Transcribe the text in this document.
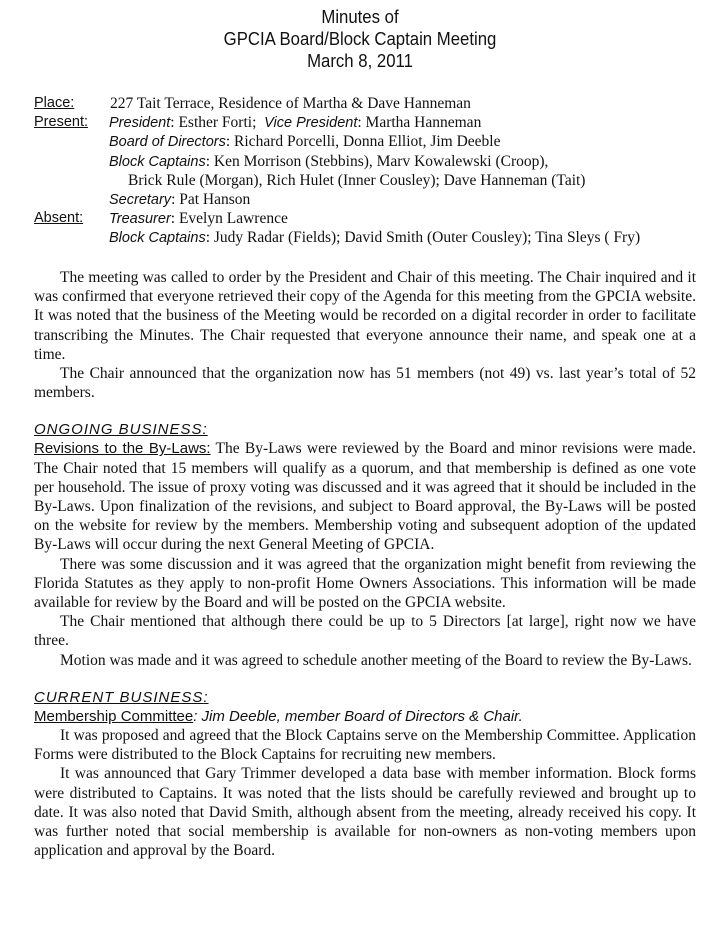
Minutes of
GPCIA Board/Block Captain Meeting
March 8, 2011
Place: 227 Tait Terrace, Residence of Martha & Dave Hanneman
Present: President: Esther Forti; Vice President: Martha Hanneman
Board of Directors: Richard Porcelli, Donna Elliot, Jim Deeble
Block Captains: Ken Morrison (Stebbins), Marv Kowalewski (Croop),
Brick Rule (Morgan), Rich Hulet (Inner Cousley); Dave Hanneman (Tait)
Secretary: Pat Hanson
Absent: Treasurer: Evelyn Lawrence
Block Captains: Judy Radar (Fields); David Smith (Outer Cousley); Tina Sleys ( Fry)

The meeting was called to order by the President and Chair of this meeting. The Chair inquired and it was confirmed that everyone retrieved their copy of the Agenda for this meeting from the GPCIA website. It was noted that the business of the Meeting would be recorded on a digital recorder in order to facilitate transcribing the Minutes. The Chair requested that everyone announce their name, and speak one at a time.

The Chair announced that the organization now has 51 members (not 49) vs. last year’s total of 52 members.

ONGOING BUSINESS:

Revisions to the By-Laws: The By-Laws were reviewed by the Board and minor revisions were made. The Chair noted that 15 members will qualify as a quorum, and that membership is defined as one vote per household. The issue of proxy voting was discussed and it was agreed that it should be included in the By-Laws. Upon finalization of the revisions, and subject to Board approval, the By-Laws will be posted on the website for review by the members. Membership voting and subsequent adoption of the updated By-Laws will occur during the next General Meeting of GPCIA.

There was some discussion and it was agreed that the organization might benefit from reviewing the Florida Statutes as they apply to non-profit Home Owners Associations. This information will be made available for review by the Board and will be posted on the GPCIA website.

The Chair mentioned that although there could be up to 5 Directors [at large], right now we have three.

Motion was made and it was agreed to schedule another meeting of the Board to review the By-Laws.

CURRENT BUSINESS:
Membership Committee: Jim Deeble, member Board of Directors & Chair.

It was proposed and agreed that the Block Captains serve on the Membership Committee. Application Forms were distributed to the Block Captains for recruiting new members.

It was announced that Gary Trimmer developed a data base with member information. Block forms were distributed to Captains. It was noted that the lists should be carefully reviewed and brought up to date. It was also noted that David Smith, although absent from the meeting, already received his copy. It was further noted that social membership is available for non-owners as non-voting members upon application and approval by the Board.
